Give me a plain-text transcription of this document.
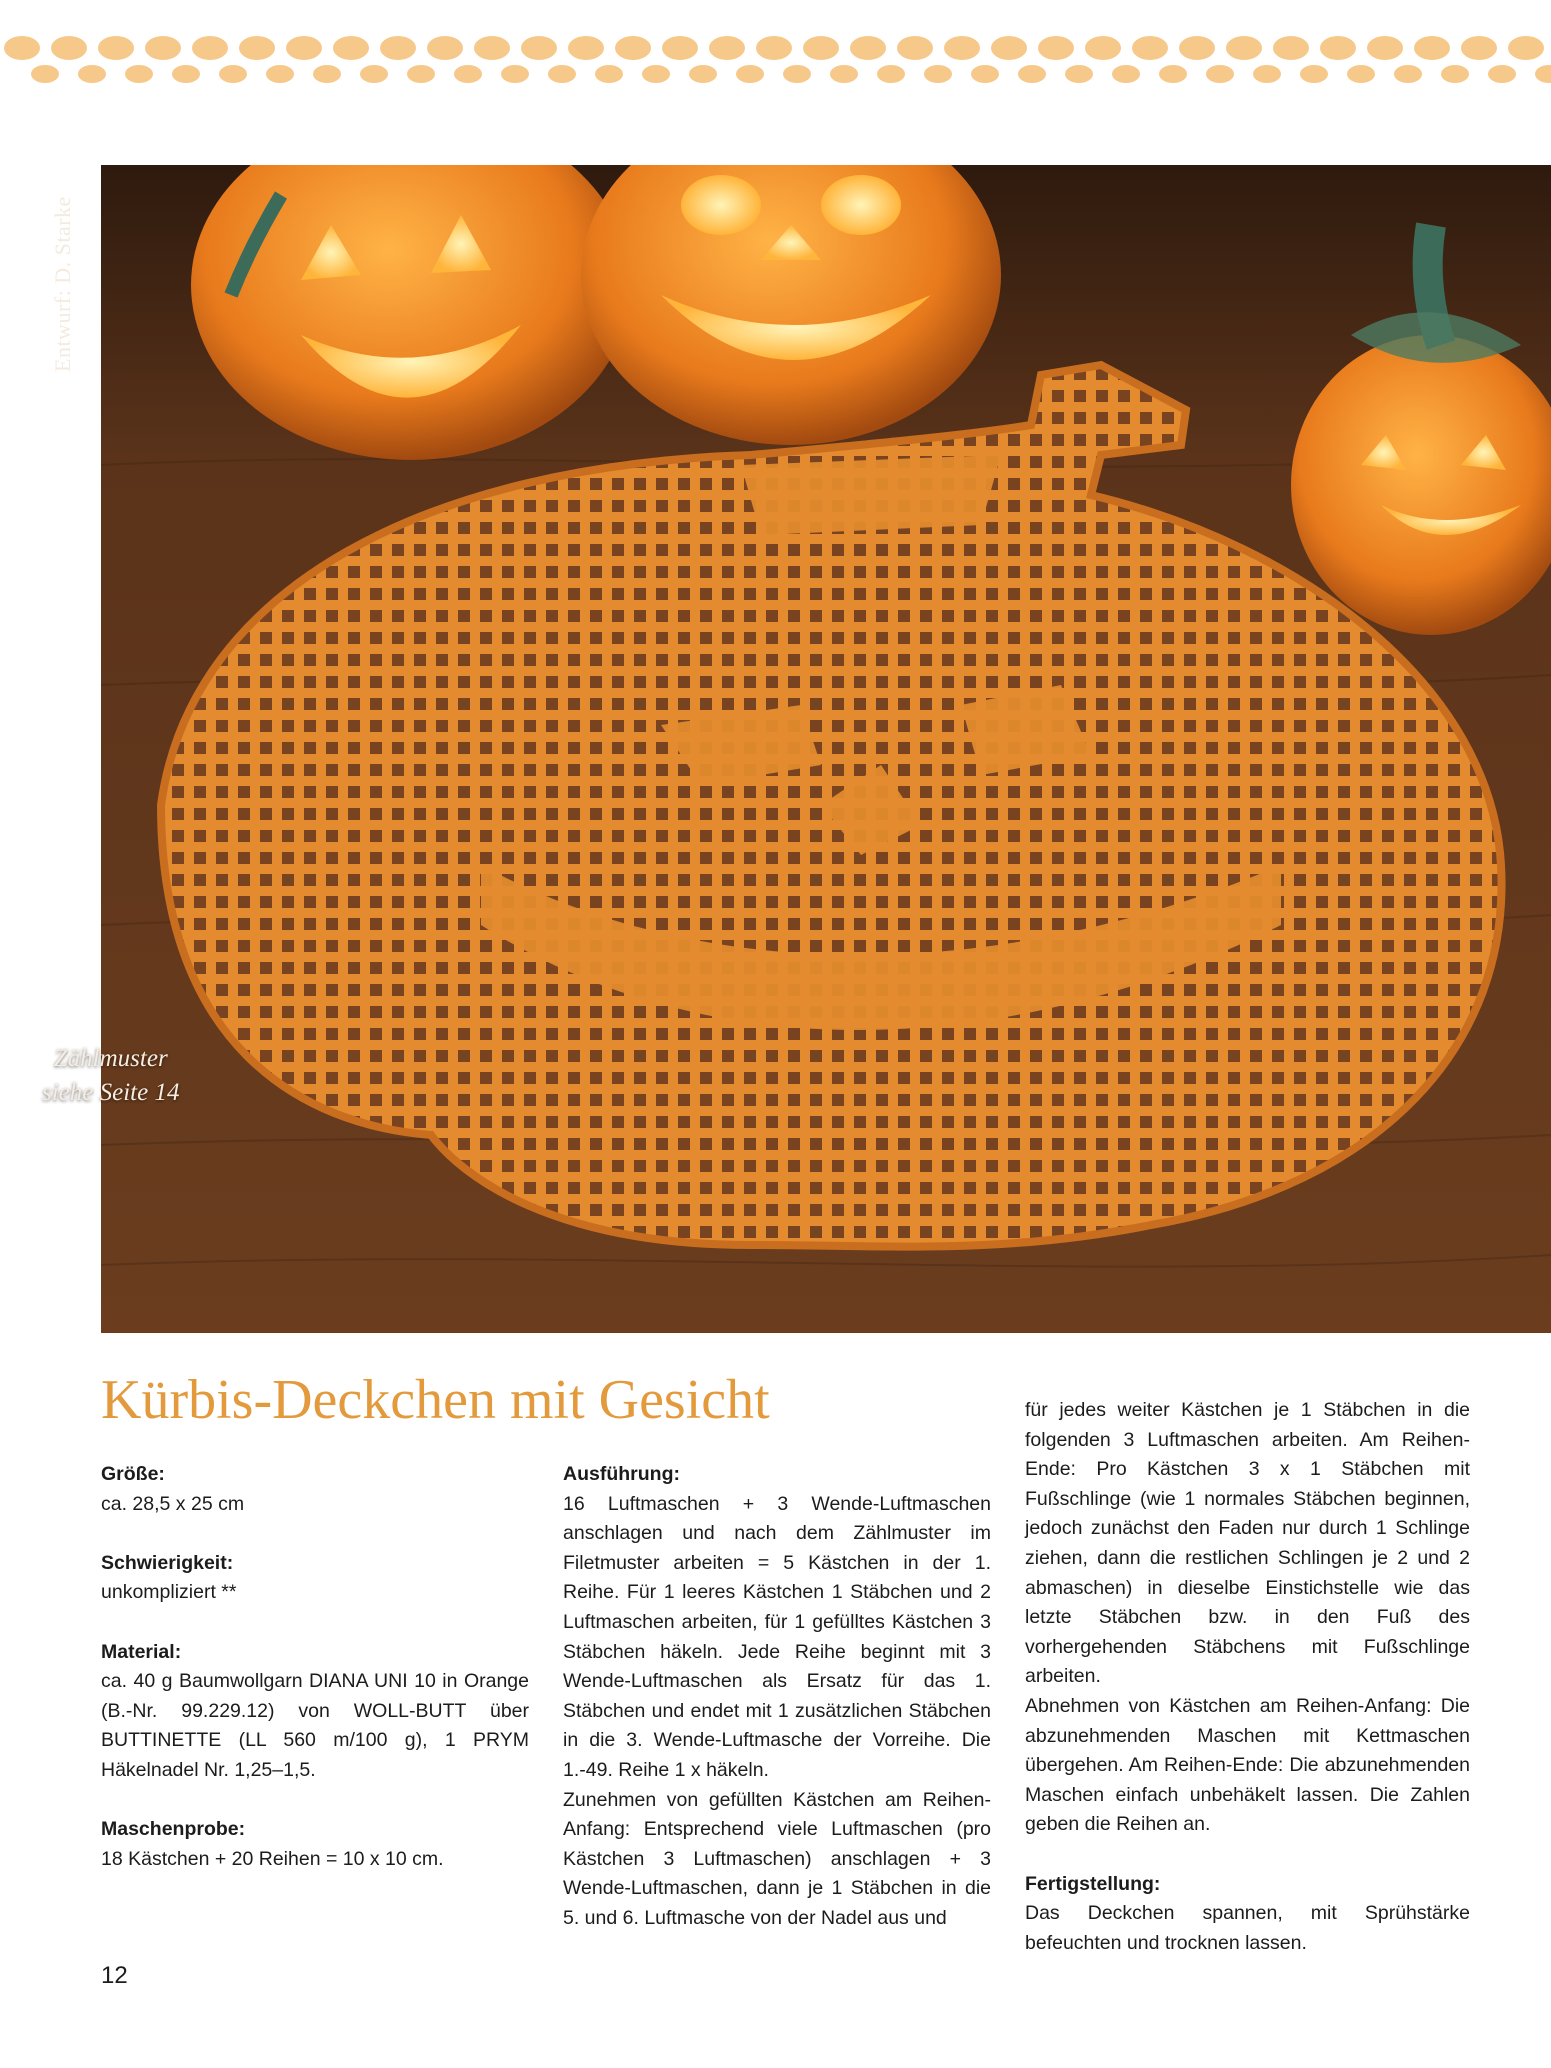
Entwurf: D. Starke
Zählmuster
siehe Seite 14
Kürbis-Deckchen mit Gesicht
Größe:
ca. 28,5 x 25 cm
Schwierigkeit:
unkompliziert **
Material:
ca. 40 g Baumwollgarn DIANA UNI 10 in Orange (B.-Nr. 99.229.12) von WOLL-BUTT über BUTTINETTE (LL 560 m/100 g), 1 PRYM Häkelnadel Nr. 1,25–1,5.
Maschenprobe:
18 Kästchen + 20 Reihen = 10 x 10 cm.
Ausführung:
16 Luftmaschen + 3 Wende-Luftmaschen anschlagen und nach dem Zählmuster im Filetmuster arbeiten = 5 Kästchen in der 1. Reihe. Für 1 leeres Kästchen 1 Stäbchen und 2 Luftmaschen arbeiten, für 1 gefülltes Kästchen 3 Stäbchen häkeln. Jede Reihe beginnt mit 3 Wende-Luftmaschen als Ersatz für das 1. Stäbchen und endet mit 1 zusätzlichen Stäbchen in die 3. Wende-Luftmasche der Vorreihe. Die 1.-49. Reihe 1 x häkeln.
Zunehmen von gefüllten Kästchen am Reihen-Anfang: Entsprechend viele Luftmaschen (pro Kästchen 3 Luftmaschen) anschlagen + 3 Wende-Luftmaschen, dann je 1 Stäbchen in die 5. und 6. Luftmasche von der Nadel aus und
für jedes weiter Kästchen je 1 Stäbchen in die folgenden 3 Luftmaschen arbeiten. Am Reihen-Ende: Pro Kästchen 3 x 1 Stäbchen mit Fußschlinge (wie 1 normales Stäbchen beginnen, jedoch zunächst den Faden nur durch 1 Schlinge ziehen, dann die restlichen Schlingen je 2 und 2 abmaschen) in dieselbe Einstichstelle wie das letzte Stäbchen bzw. in den Fuß des vorhergehenden Stäbchens mit Fußschlinge arbeiten.
Abnehmen von Kästchen am Reihen-Anfang: Die abzunehmenden Maschen mit Kettmaschen übergehen. Am Reihen-Ende: Die abzunehmenden Maschen einfach unbehäkelt lassen. Die Zahlen geben die Reihen an.
Fertigstellung:
Das Deckchen spannen, mit Sprühstärke befeuchten und trocknen lassen.
12
